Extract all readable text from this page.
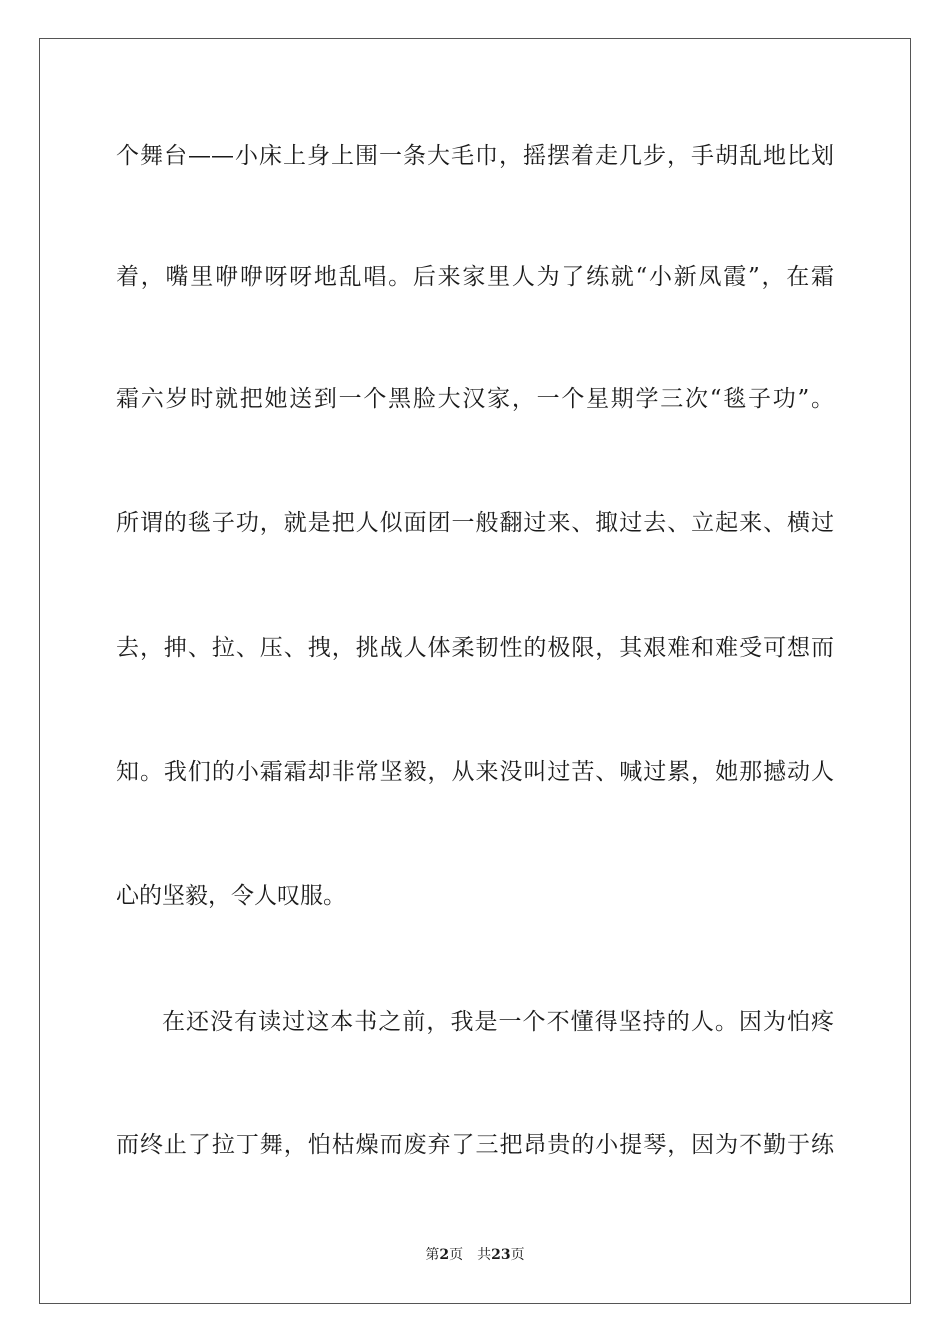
个舞台——小床上身上围一条大毛巾，摇摆着走几步，手胡乱地比划
着，嘴里咿咿呀呀地乱唱。后来家里人为了练就“小新凤霞”，在霜
霜六岁时就把她送到一个黑脸大汉家，一个星期学三次“毯子功”。
所谓的毯子功，就是把人似面团一般翻过来、掫过去、立起来、横过
去，抻、拉、压、拽，挑战人体柔韧性的极限，其艰难和难受可想而
知。我们的小霜霜却非常坚毅，从来没叫过苦、喊过累，她那撼动人
心的坚毅，令人叹服。
在还没有读过这本书之前，我是一个不懂得坚持的人。因为怕疼
而终止了拉丁舞，怕枯燥而废弃了三把昂贵的小提琴，因为不勤于练
第2页 共23页
